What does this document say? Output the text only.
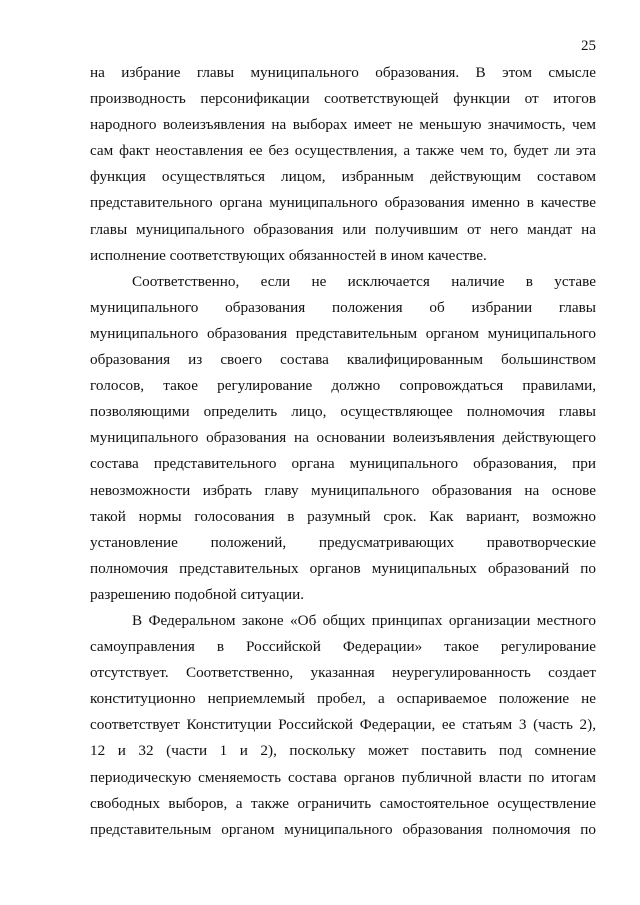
25

на избрание главы муниципального образования. В этом смысле
производность персонификации соответствующей функции от итогов
народного волеизъявления на выборах имеет не меньшую значимость, чем
сам факт неоставления ее без осуществления, а также чем то, будет ли эта
функция осуществляться лицом, избранным действующим составом
представительного органа муниципального образования именно в качестве
главы муниципального образования или получившим от него мандат на
исполнение соответствующих обязанностей в ином качестве.

Соответственно, если не исключается наличие в уставе
муниципального образования положения об избрании главы
муниципального образования представительным органом муниципального
образования из своего состава квалифицированным большинством
голосов, такое регулирование должно сопровождаться правилами,
позволяющими определить лицо, осуществляющее полномочия главы
муниципального образования на основании волеизъявления действующего
состава представительного органа муниципального образования, при
невозможности избрать главу муниципального образования на основе
такой нормы голосования в разумный срок. Как вариант, возможно
установление положений, предусматривающих правотворческие
полномочия представительных органов муниципальных образований по
разрешению подобной ситуации.

В Федеральном законе «Об общих принципах организации местного
самоуправления в Российской Федерации» такое регулирование
отсутствует. Соответственно, указанная неурегулированность создает
конституционно неприемлемый пробел, а оспариваемое положение не
соответствует Конституции Российской Федерации, ее статьям 3 (часть 2),
12 и 32 (части 1 и 2), поскольку может поставить под сомнение
периодическую сменяемость состава органов публичной власти по итогам
свободных выборов, а также ограничить самостоятельное осуществление
представительным органом муниципального образования полномочия по
